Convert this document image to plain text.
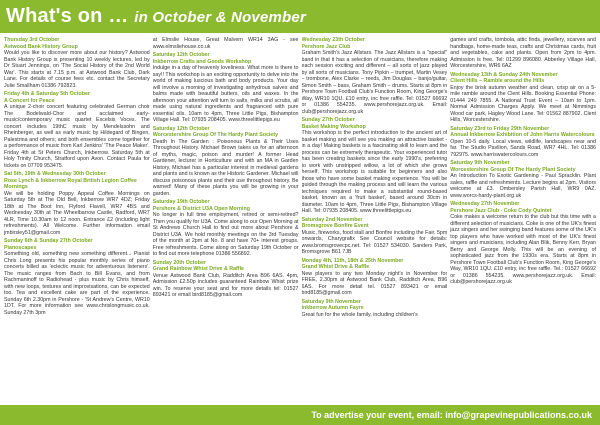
What's on … in October & November
Thursday 3rd October
Astwood Bank History Group
Would you like to discover more about our history? Astwood Bank History Group is presenting 10 weekly lectures, led by Dr Stuart Jennings, on 'The Social History of the 2nd World War'. This starts at 7.15 p.m. at Astwood Bank Club, Dark Lane. For details of course fees etc. contact the Secretary Julie Smallham 01386 792823.
Friday 4th & Saturday 5th October
A Concert for Peace
A unique 2-choir concert featuring celebrated German choir The Bodelwald-Chor and acclaimed early-music/contemporary music quartet Excelsis Voces. The concert includes 19thC music by Mendelssohn and Rheinberger, as well as early music by Hildegard of Bingen, Palestrina and others; and both ensembles come together for a performance of music from Karl Jenkins' 'The Peace Maker'. Friday 4th at St Peters Church, Inkberrow. Saturday 5th at Holy Trinity Church, Stratford upon Avon. Contact Paula for tickets on 07709 953475.
Sat 5th, 19th & Wednesday 30th October
Rose Lynch & Inkberrow Royal British Legion Coffee Mornings
We will be holding Poppy Appeal Coffee Mornings on Saturday 5th at The Old Bell, Inkberrow WR7 4DZ; Friday 18th at The Boot Inn, Flyford Flavell, WR7 4BS and Wednesday 30th at The Wheelbarrow Castle, Radford, WR7 4LR, Time 10.30am to 12 noon. Entrance £2 (including light refreshments). All Welcome. Further information email jmbirsley51@gmail.com
Sunday 6th & Sunday 27th October
Pianoscapes
Something old, something new something different... Pianist Chris Long presents his popular monthly series of piano concerts billed as 'eclectic music for adventurous listeners'. The music ranges from Bach to Bill Evans, and from Rachmaninoff to Radiohead - plus music by Chris himself, with new loops, textures and improvisations, can be expected too. Tea and excellent cake are part of the experience. Sunday 6th 2.30pm in Pershore - 'St Andrew's Centre, WR10 1DT. For more information see www.chrislongmusic.co.uk. Sunday 27th 3pm
at Elmslie House, Great Malvern WR14 3AG - see www.elmsliehouse.co.uk
Saturday 12th October
Inkberrow Crafts and Goods Workshop
Indulge in a day of heavenly loveliness. What more is there to say!! This workshop is an exciting opportunity to delve into the world of making luscious bath and body products. Your day will involve a morning of investigating anhydrous salves and balms made with beautiful butters, oils and waxes. In the afternoon your attention will turn to salts, milks and scrubs, all made using natural ingredients and fragranced with pure essential oils. 10am to 4pm, Three Little Pigs, Bishampton Village Hall. Tel: 07935 208405. www.threelittlepigs.eu
Saturday 12th October
Worcestershire Group Of The Hardy Plant Society
Death In The Garden : Poisonous Plants & Their Uses Throughout History. Michael Brown takes us for an afternoon of myths, magic, poison and murder! A former Head Gardener, lecturer in Horticulture and with an MA in Garden History, Michael has a particular interest in medieval gardens and plants and is known as the Historic Gardener. Michael will discuss poisonous plants and their use throughout history. Be warned! Many of these plants you will be growing in your garden.
Saturday 19th October
Pershore & District U3A Open Morning
No longer in full time employment, retired or semi-retired? Then you qualify for U3A. Come along to our Open Morning at St Andrews Church Hall to find out more about Pershore & District U3A. We hold monthly meetings on the 3rd Tuesday of the month at 2pm at No. 8 and have 70+ interest groups. Free refreshments. Come along on Saturday 19th October or to find out more telephone 01386 556892.
Sunday 20th October
Grand Rainbow Whist Drive & Raffle
Venue Astwood Bank Club, Radditch Area B96 6AS. 4pm, Admission £2.50p includes guaranteed Rainbow Whist prize win. To reserve your seat and for more details tel: 01527 893421 or email bird8185@gmail.com
Wednesday 23th October
Pershore Jazz Club
Graham Smith's Jazz Allstars. The Jazz Allstars is a "special" band in that it has a selection of musicians, therefore making each session exciting and different – all sorts of jazz played by all sorts of musicians. Tony Pipkin – trumpet, Martin Vesey – trombone, Alex Clarke – reeds, Jim Douglas – banjo/guitar, Simon Smith – bass, Graham Smith – drums. Starts at 8pm in Pershore Town Football Club's Function Room, King George's Way, WR10 1QU. £10 entry, inc free raffle. Tel: 01527 66692 or 01386 554235. www.pershorejazz.org.uk. Email: club@pershorejazz.org.uk
Sunday 27th October
Basket Making Workshop
This workshop is the perfect introduction to the ancient art of basket making and will see you making an attractive basket - in a day! Making baskets is a fascinating skill to learn and the process can be extremely therapeutic. Your experienced tutor has been creating baskets since the early 1990's, preferring to work with unstripped willow, a lot of which she grows herself. This workshop is suitable for beginners and also those who have some basket making experience. You will be guided through the making process and will learn the various techniques required to make a substantial round-based basket, known as a 'fruit basket', based around 30cm in diameter. 10am to 4pm, Three Little Pigs, Bishampton Village Hall. Tel: 07935 208405. www.threelittlepigs.eu
Saturday 2nd November
Bromsgrove Bonfire Event
Music, fireworks, food stall and Bonfire including the Fair. 5pm onwards, Charygrafix See Council website for details: www.bromsgrovecpc.net. Tel: 01527 534030. Sanders Park, Bromsgrove B61 7JB
Monday 4th, 11th, 18th & 25th November
Grand Whist Drive & Raffle
New players to any two Monday night's in November for FREE, 2.30pm at Astwood Bank Club, Radditch Area, B96 6AS. For more detail tel. 01527 893421 or email bird8185@gmail.com
Saturday 9th November
Inkberrow Autumn Fayre
Great fun for the whole family, including children's
games and crafts, tombola, attic finds, jewellery, scarves and handbags, home-made teas, crafts and Christmas cards, fruit and vegetables, cake and plants. Open from 2pm to 4pm. Admission is free. Tel: 01299 896080. Abberley Village Hall, Worcestershire, WR6 6AZ
Wednesday 13th & Sunday 24th November
Client Hills – Ramble around the Hills
Enjoy the brisk autumn weather and clean, crisp air on a 5-mile ramble around the Clent Hills. Booking Essential Phone: 01444 249 7855. A National Trust Event – 10am to 1pm. Normal Admission Charges Apply. We meet at Nimmings Wood car park, Hagley Wood Lane. Tel: 01562 887902. Clent Hills, Worcestershire.
Saturday 23rd to Friday 29th November
Annual Inkberrow Exhibition of John Harris Watercolours
Open 10-5 daily. Local views, wildlife, landscapes near and far. The Studio Pavilion, Sands Road, WR7 4HL. Tel: 01386 792975. www.harriswatercolours.com
Saturday 9th November
Worcestershire Group Of The Hardy Plant Society
An Introduction To Exotic Gardening - Paul Spracklin. Plant sales, raffle and refreshments. Lecture begins at 2pm. Visitors welcome at £3. Ombersley Parish Hall, WR9 0AZ. www.worcs-hardy-plant.org.uk
Wednesday 27th November
Pershore Jazz Club - Coke Cody Quintet
Coke makes a welcome return to the club but this time with a different selection of musicians. Coke is one of the UK's finest jazz singers and her swinging band features some of the UK's top players who have worked with most of the UK's finest singers and musicians, including Alan Blik, Benny Kerr, Bryan Berry and George Molly. This will be an evening of sophisticated jazz from the 1930s era. Starts at 8pm in Pershore Town Football Club's Function Room, King George's Way, WR10 1QU. £10 entry, inc free raffle. Tel.: 01527 66692 or 01386 554235. www.pershorejazz.org.uk. Email: club@pershorejazz.org.uk
To advertise your event, email: info@grapevinepublications.co.uk
